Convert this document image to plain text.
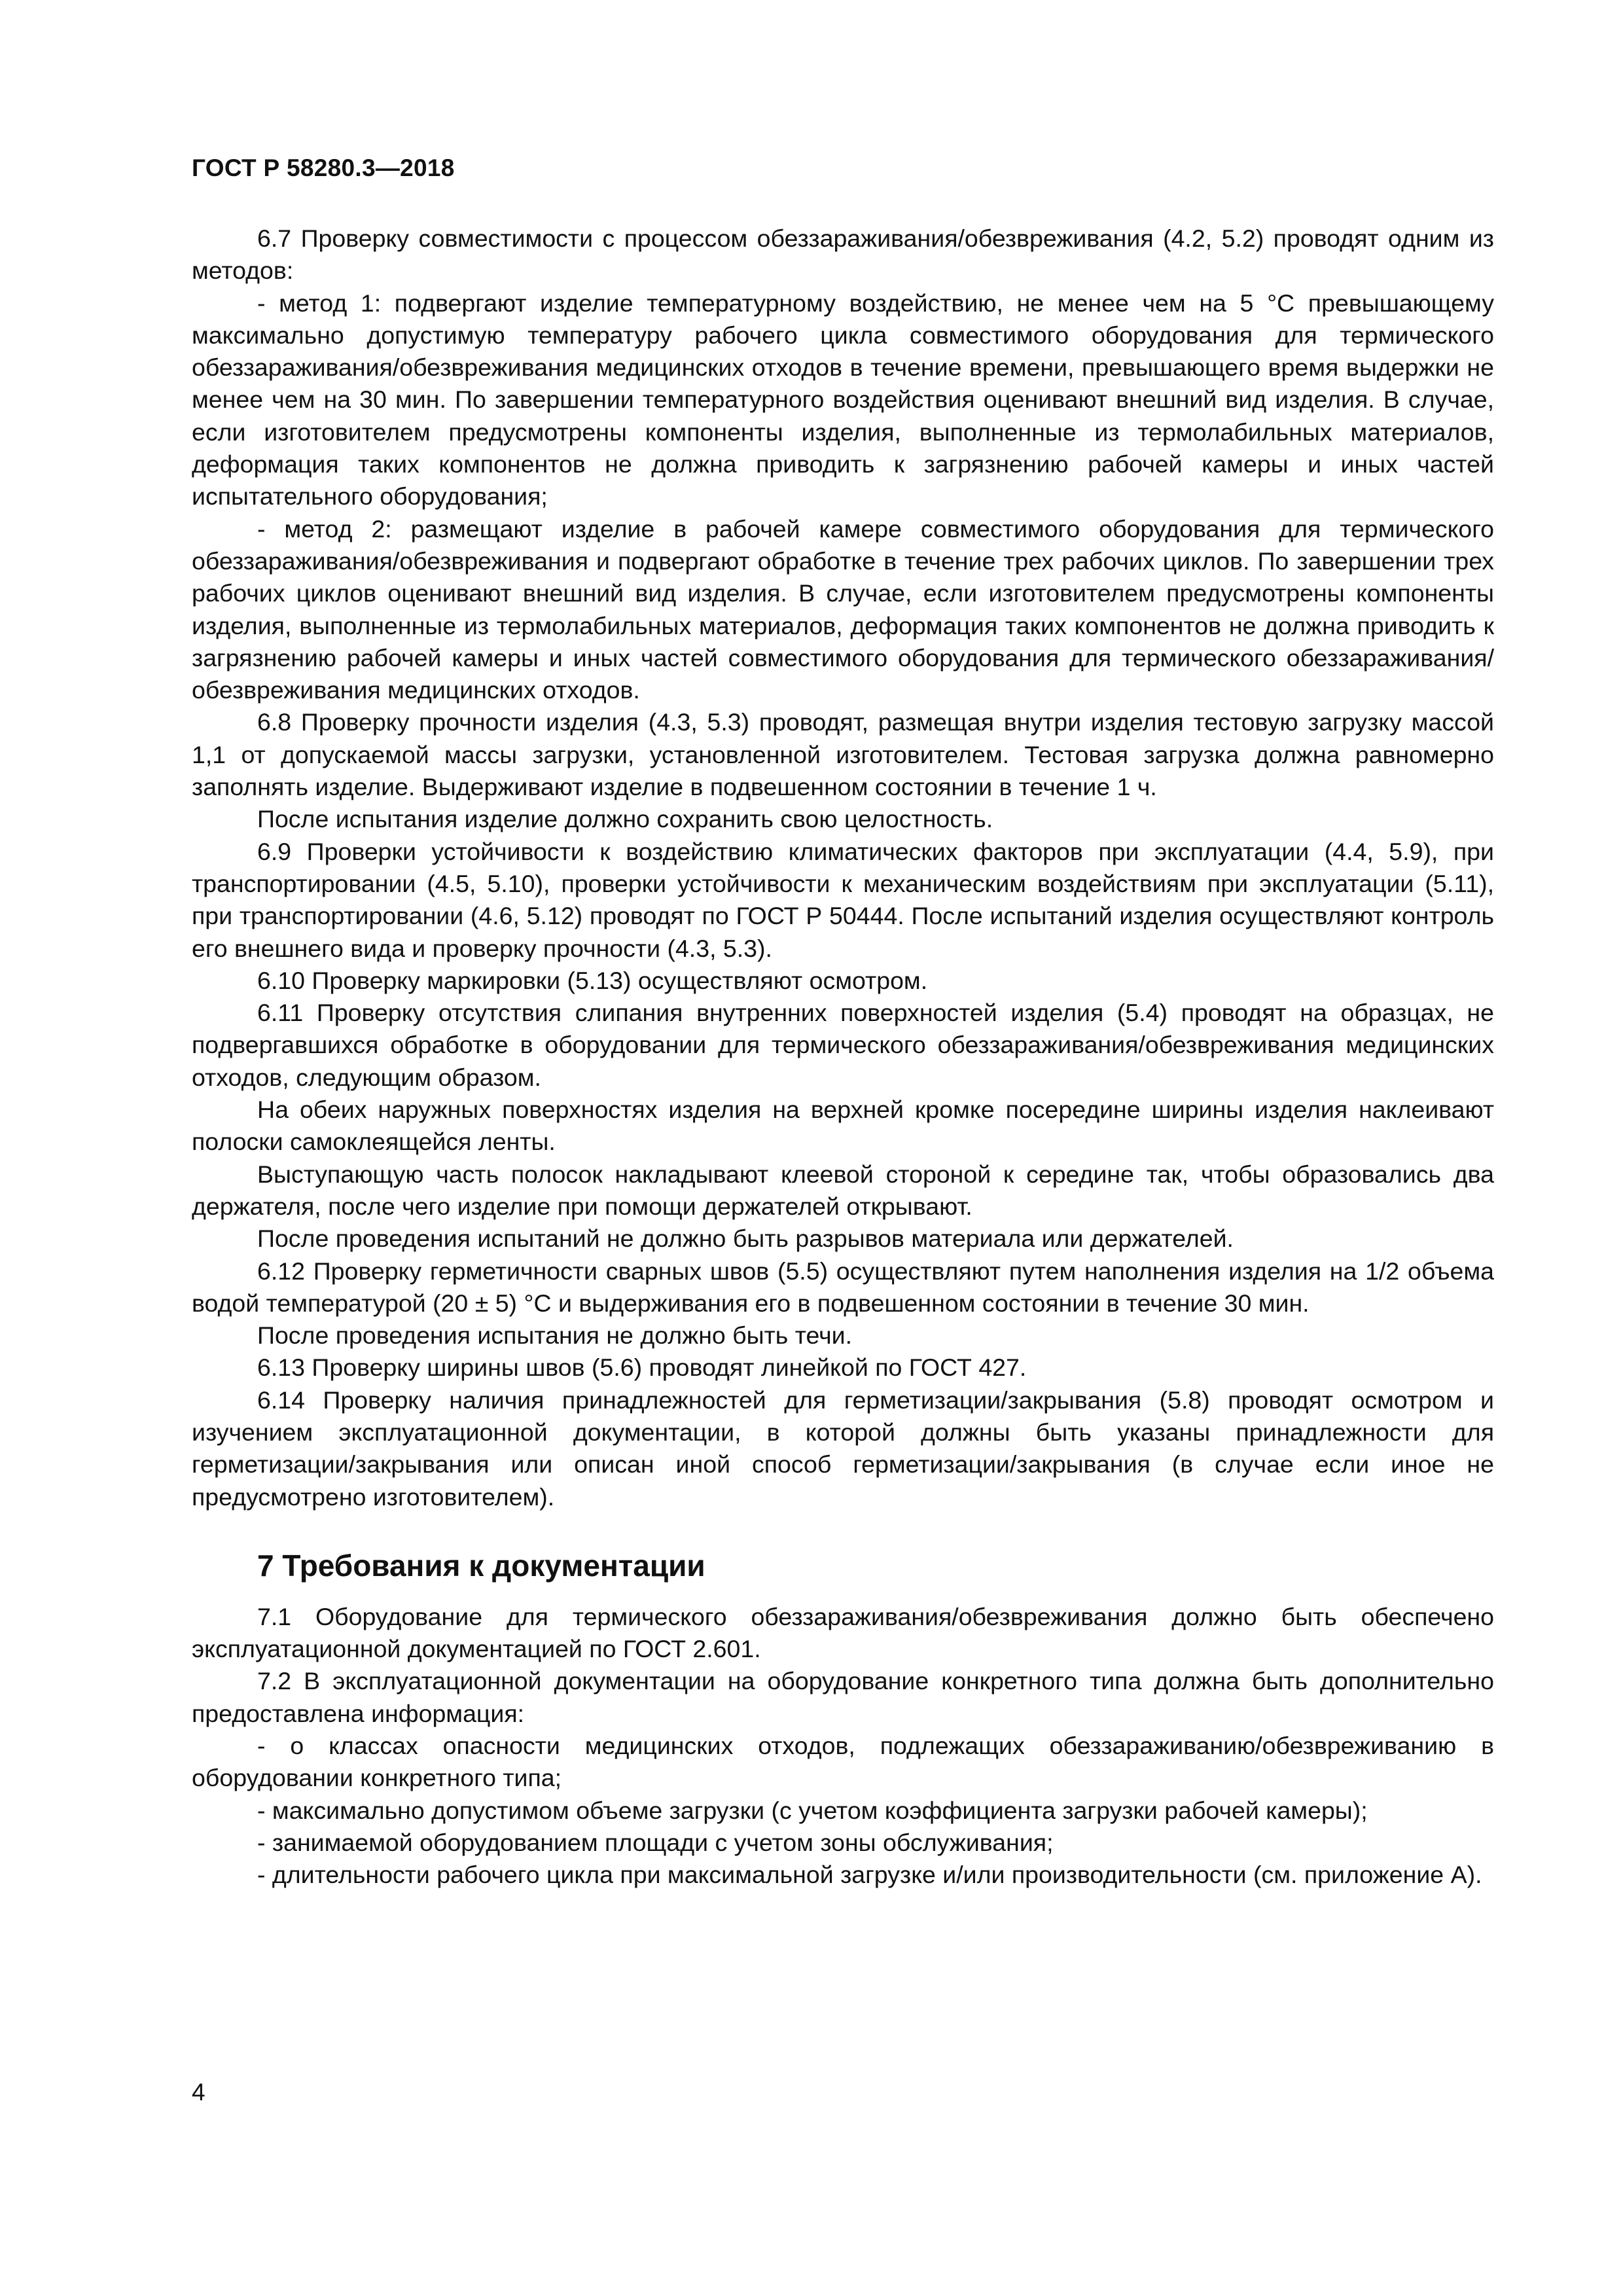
ГОСТ Р 58280.3—2018

6.7 Проверку совместимости с процессом обеззараживания/обезвреживания (4.2, 5.2) проводят одним из методов:

- метод 1: подвергают изделие температурному воздействию, не менее чем на 5 °С превышающему максимально допустимую температуру рабочего цикла совместимого оборудования для термического обеззараживания/обезвреживания медицинских отходов в течение времени, превышающего время выдержки не менее чем на 30 мин. По завершении температурного воздействия оценивают внешний вид изделия. В случае, если изготовителем предусмотрены компоненты изделия, выполненные из термолабильных материалов, деформация таких компонентов не должна приводить к загрязнению рабочей камеры и иных частей испытательного оборудования;

- метод 2: размещают изделие в рабочей камере совместимого оборудования для термического обеззараживания/обезвреживания и подвергают обработке в течение трех рабочих циклов. По завершении трех рабочих циклов оценивают внешний вид изделия. В случае, если изготовителем предусмотрены компоненты изделия, выполненные из термолабильных материалов, деформация таких компонентов не должна приводить к загрязнению рабочей камеры и иных частей совместимого оборудования для термического обеззараживания/обезвреживания медицинских отходов.

6.8 Проверку прочности изделия (4.3, 5.3) проводят, размещая внутри изделия тестовую загрузку массой 1,1 от допускаемой массы загрузки, установленной изготовителем. Тестовая загрузка должна равномерно заполнять изделие. Выдерживают изделие в подвешенном состоянии в течение 1 ч.

После испытания изделие должно сохранить свою целостность.

6.9 Проверки устойчивости к воздействию климатических факторов при эксплуатации (4.4, 5.9), при транспортировании (4.5, 5.10), проверки устойчивости к механическим воздействиям при эксплуатации (5.11), при транспортировании (4.6, 5.12) проводят по ГОСТ Р 50444. После испытаний изделия осуществляют контроль его внешнего вида и проверку прочности (4.3, 5.3).

6.10 Проверку маркировки (5.13) осуществляют осмотром.

6.11 Проверку отсутствия слипания внутренних поверхностей изделия (5.4) проводят на образцах, не подвергавшихся обработке в оборудовании для термического обеззараживания/обезвреживания медицинских отходов, следующим образом.

На обеих наружных поверхностях изделия на верхней кромке посередине ширины изделия наклеивают полоски самоклеящейся ленты.

Выступающую часть полосок накладывают клеевой стороной к середине так, чтобы образовались два держателя, после чего изделие при помощи держателей открывают.

После проведения испытаний не должно быть разрывов материала или держателей.

6.12 Проверку герметичности сварных швов (5.5) осуществляют путем наполнения изделия на 1/2 объема водой температурой (20 ± 5) °С и выдерживания его в подвешенном состоянии в течение 30 мин.

После проведения испытания не должно быть течи.

6.13 Проверку ширины швов (5.6) проводят линейкой по ГОСТ 427.

6.14 Проверку наличия принадлежностей для герметизации/закрывания (5.8) проводят осмотром и изучением эксплуатационной документации, в которой должны быть указаны принадлежности для герметизации/закрывания или описан иной способ герметизации/закрывания (в случае если иное не предусмотрено изготовителем).

7 Требования к документации

7.1 Оборудование для термического обеззараживания/обезвреживания должно быть обеспечено эксплуатационной документацией по ГОСТ 2.601.

7.2 В эксплуатационной документации на оборудование конкретного типа должна быть дополнительно предоставлена информация:

- о классах опасности медицинских отходов, подлежащих обеззараживанию/обезвреживанию в оборудовании конкретного типа;

- максимально допустимом объеме загрузки (с учетом коэффициента загрузки рабочей камеры);

- занимаемой оборудованием площади с учетом зоны обслуживания;

- длительности рабочего цикла при максимальной загрузке и/или производительности (см. приложение А).

4
